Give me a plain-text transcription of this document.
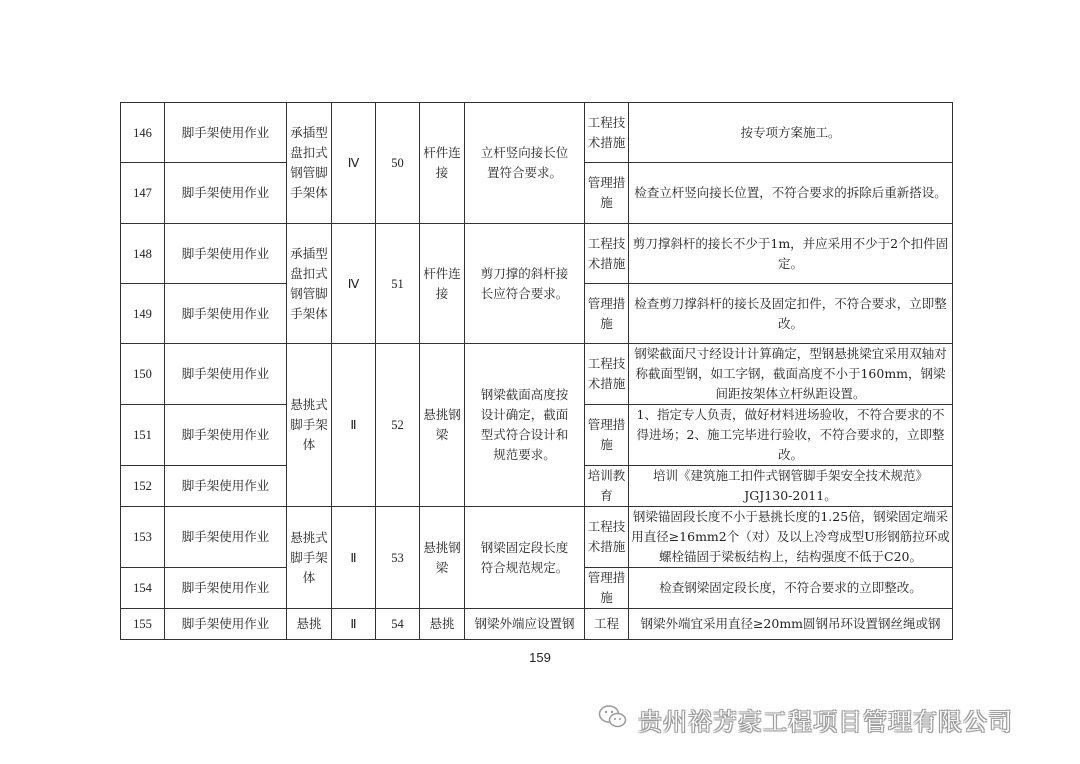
146	脚手架使用作业	承插型盘扣式钢管脚手架体	Ⅳ	50	杆件连接	立杆竖向接长位置符合要求。	工程技术措施	按专项方案施工。
147	脚手架使用作业						管理措施	检查立杆竖向接长位置，不符合要求的拆除后重新搭设。
148	脚手架使用作业	承插型盘扣式钢管脚手架体	Ⅳ	51	杆件连接	剪刀撑的斜杆接长应符合要求。	工程技术措施	剪刀撑斜杆的接长不少于1m，并应采用不少于2个扣件固定。
149	脚手架使用作业						管理措施	检查剪刀撑斜杆的接长及固定扣件，不符合要求，立即整改。
150	脚手架使用作业	悬挑式脚手架体	Ⅱ	52	悬挑钢梁	钢梁截面高度按设计确定，截面型式符合设计和规范要求。	工程技术措施	钢梁截面尺寸经设计计算确定，型钢悬挑梁宜采用双轴对称截面型钢，如工字钢，截面高度不小于160mm，钢梁间距按架体立杆纵距设置。
151	脚手架使用作业						管理措施	1、指定专人负责，做好材料进场验收，不符合要求的不得进场；2、施工完毕进行验收，不符合要求的，立即整改。
152	脚手架使用作业						培训教育	培训《建筑施工扣件式钢管脚手架安全技术规范》JGJ130-2011。
153	脚手架使用作业	悬挑式脚手架体	Ⅱ	53	悬挑钢梁	钢梁固定段长度符合规范规定。	工程技术措施	钢梁锚固段长度不小于悬挑长度的1.25倍，钢梁固定端采用直径≥16mm2个（对）及以上冷弯成型U形钢筋拉环或螺栓锚固于梁板结构上，结构强度不低于C20。
154	脚手架使用作业						管理措施	检查钢梁固定段长度，不符合要求的立即整改。
155	脚手架使用作业	悬挑	Ⅱ	54	悬挑	钢梁外端应设置钢	工程	钢梁外端宜采用直径≥20mm圆钢吊环设置钢丝绳或钢
159
贵州裕芳豪工程项目管理有限公司
